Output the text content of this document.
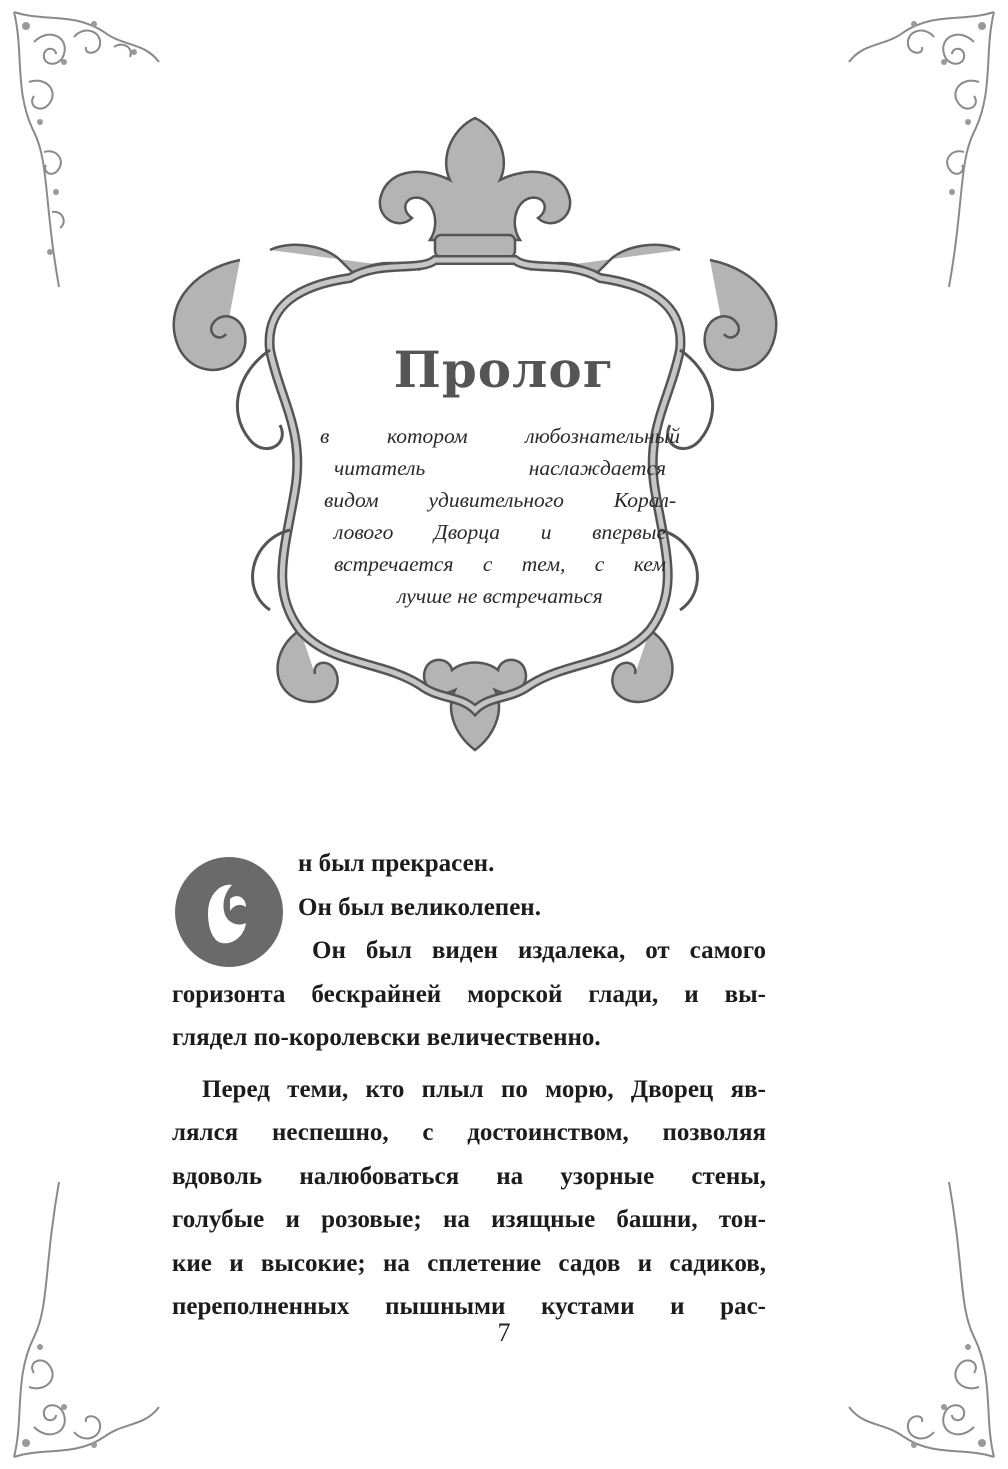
Пролог
в котором любознательный
читатель наслаждается
видом удивительного Корал-
лового Дворца и впервые
встречается с тем, с кем
лучше не встречаться
н был прекрасен.
Он был великолепен.
Он был виден издалека, от самого
горизонта бескрайней морской глади, и вы-
глядел по-королевски величественно.
Перед теми, кто плыл по морю, Дворец яв-
лялся неспешно, с достоинством, позволяя
вдоволь налюбоваться на узорные стены,
голубые и розовые; на изящные башни, тон-
кие и высокие; на сплетение садов и садиков,
переполненных пышными кустами и рас-
7
